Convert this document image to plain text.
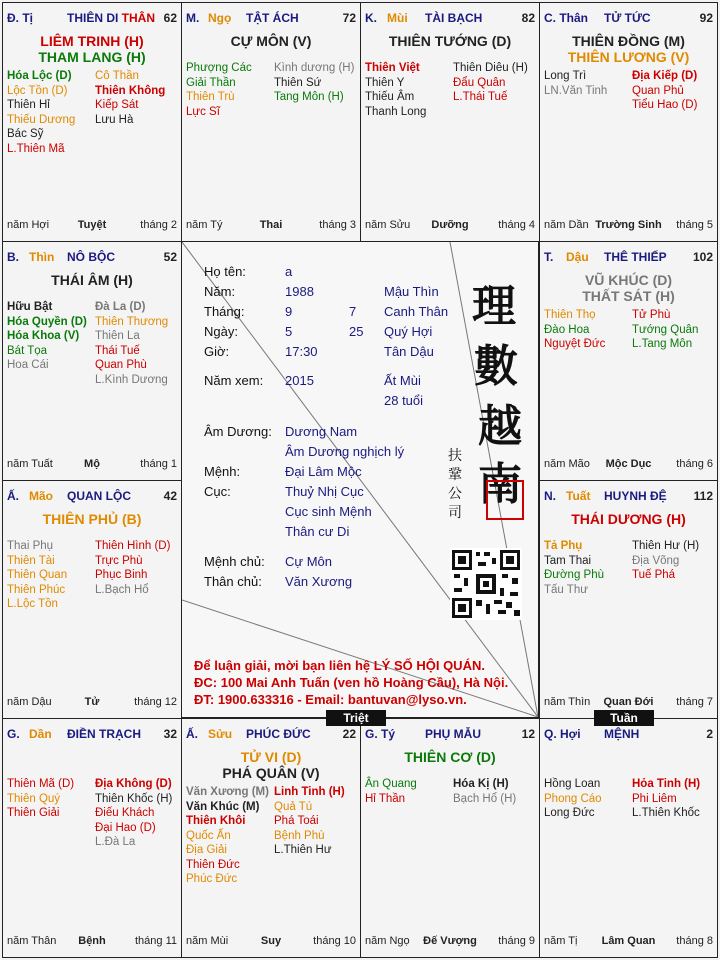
Đ. Tị	THIÊN DI THÂN 62
LIÊM TRINH (H)
THAM LANG (H)
Hóa Lộc (D)
Lộc Tồn (D)
Thiên Hỉ
Thiếu Dương
Bác Sỹ
L.Thiên Mã
Cô Thần
Thiên Không
Kiếp Sát
Lưu Hà
năm Hợi	Tuyệt	tháng 2
M. Ngọ TẬT ÁCH	72
CỰ MÔN (V)
Phượng Các
Giải Thần
Thiên Trù
Lực Sĩ
Kình dương (H)
Thiên Sứ
Tang Môn (H)
năm Tý	Thai	tháng 3
K. Mùi TÀI BẠCH	82
THIÊN TƯỚNG (D)
Thiên Việt
Thiên Y
Thiếu Âm
Thanh Long
Thiên Diêu (H)
Đẩu Quân
L.Thái Tuế
năm Sửu	Dưỡng	tháng 4
C. Thân TỬ TỨC	92
THIÊN ĐỒNG (M)
THIÊN LƯƠNG (V)
Long Trì
LN.Văn Tinh
Địa Kiếp (D)
Quan Phủ
Tiểu Hao (D)
năm Dần Trường Sinh	tháng 5
B. Thìn NÔ BỘC	52
THÁI ÂM (H)
Hữu Bật
Hóa Quyền (D)
Hóa Khoa (V)
Bát Tọa
Hoa Cái
Đà La (D)
Thiên Thương
Thiên La
Thái Tuế
Quan Phù
L.Kình Dương
năm Tuất	Mộ	tháng 1
T. Dậu THÊ THIẾP 102
VŨ KHÚC (D)
THẤT SÁT (H)
Thiên Thọ
Đào Hoa
Nguyệt Đức
Tử Phù
Tướng Quân
L.Tang Môn
năm Mão	Mộc Dục	tháng 6
Ấ. Mão QUAN LỘC	42
THIÊN PHỦ (B)
Thai Phụ
Thiên Tài
Thiên Quan
Thiên Phúc
L.Lộc Tồn
Thiên Hình (D)
Trực Phù
Phục Binh
L.Bạch Hổ
năm Dậu	Tử	tháng 12
N. Tuất HUYNH ĐỆ 112
THÁI DƯƠNG (H)
Tả Phụ
Tam Thai
Đường Phù
Tấu Thư
Thiên Hư (H)
Địa Võng
Tuế Phá
năm Thìn	Quan Đới	tháng 7
G. Dần ĐIỀN TRẠCH 32
Thiên Mã (D)
Thiên Quý
Thiên Giải
Địa Không (D)
Thiên Khốc (H)
Điếu Khách
Đại Hao (D)
L.Đà La
năm Thân	Bệnh	tháng 11
Ấ. Sửu PHÚC ĐỨC	22
TỬ VI (D)
PHÁ QUÂN (V)
Văn Xương (M)
Văn Khúc (M)
Thiên Khôi
Quốc Ấn
Địa Giải
Thiên Đức
Phúc Đức
Linh Tinh (H)
Quả Tú
Phá Toái
Bệnh Phù
L.Thiên Hư
năm Mùi	Suy	tháng 10
G. Tý PHỤ MẪU	12
THIÊN CƠ (D)
Ân Quang
Hỉ Thần
Hóa Kị (H)
Bạch Hổ (H)
năm Ngọ	Đế Vượng	tháng 9
Q. Hợi MỆNH	2
Hồng Loan
Phong Cáo
Long Đức
Hỏa Tinh (H)
Phi Liêm
L.Thiên Khốc
năm Tị	Lâm Quan	tháng 8
Họ tên:	a
Năm:	1988	Mậu Thìn
Tháng:	9	7 Canh Thân
Ngày:	5	25 Quý Hợi
Giờ:	17:30	Tân Dậu
Năm xem: 2015	Ất Mùi
28 tuổi
Âm Dương: Dương Nam
Âm Dương nghịch lý
Mệnh:	Đại Lâm Mộc
Cục:	Thuỷ Nhị Cục
Cục sinh Mệnh
Thân cư Di
Mệnh chủ: Cự Môn
Thân chủ: Văn Xương
理
數
越
南
扶
鞏
公
司
Để luận giải, mời bạn liên hệ LÝ SỐ HỘI QUÁN.
ĐC: 100 Mai Anh Tuấn (ven hồ Hoàng Cầu), Hà Nội.
ĐT: 1900.633316 - Email: bantuvan@lyso.vn.
Triệt	Tuần
